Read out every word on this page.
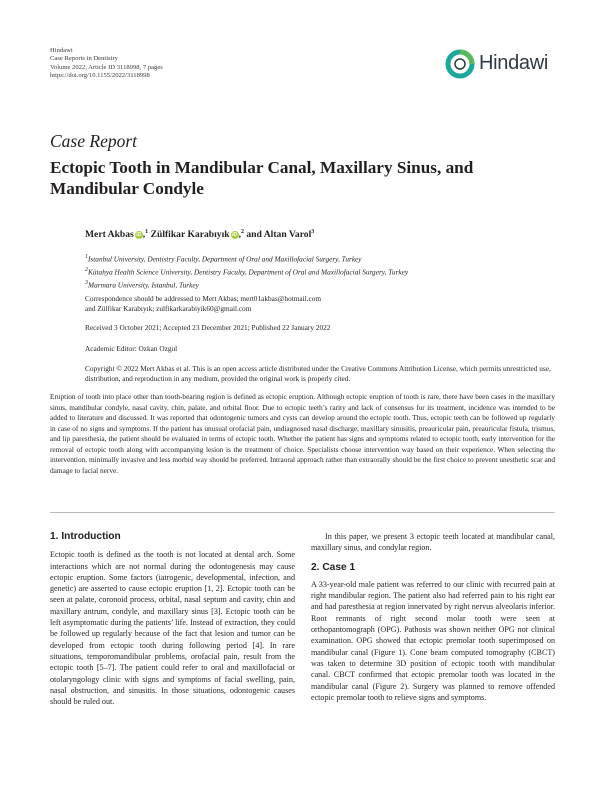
Hindawi
Case Reports in Dentistry
Volume 2022, Article ID 3118998, 7 pages
https://doi.org/10.1155/2022/3118998
Hindawi
Case Report
Ectopic Tooth in Mandibular Canal, Maxillary Sinus, and Mandibular Condyle
Mert Akbas iD ,$^1$ Zülfikar Karabıyık iD ,$^2$ and Altan Varol$^3$
$^1$Istanbul University, Dentistry Faculty, Department of Oral and Maxillofacial Surgery, Turkey
$^2$Kütahya Health Science University, Dentistry Faculty, Department of Oral and Maxillofacial Surgery, Turkey
$^3$Marmara University, Istanbul, Turkey
Correspondence should be addressed to Mert Akbas; mert01akbas@hotmail.com
and Zülfikar Karabıyık; zulfikarkarabiyik60@gmail.com
Received 3 October 2021; Accepted 23 December 2021; Published 22 January 2022
Academic Editor: Ozkan Ozgul
Copyright © 2022 Mert Akbas et al. This is an open access article distributed under the Creative Commons Attribution License, which permits unrestricted use, distribution, and reproduction in any medium, provided the original work is properly cited.
Eruption of tooth into place other than tooth-bearing region is defined as ectopic eruption. Although ectopic eruption of tooth is rare, there have been cases in the maxillary sinus, mandibular condyle, nasal cavity, chin, palate, and orbital floor. Due to ectopic teeth’s rarity and lack of consensus for its treatment, incidence was intended to be added to literature and discussed. It was reported that odontogenic tumors and cysts can develop around the ectopic tooth. Thus, ectopic teeth can be followed up regularly in case of no signs and symptoms. If the patient has unusual orofacial pain, undiagnosed nasal discharge, maxillary sinusitis, preauricular pain, preauricular fistula, trismus, and lip paresthesia, the patient should be evaluated in terms of ectopic tooth. Whether the patient has signs and symptoms related to ectopic tooth, early intervention for the removal of ectopic tooth along with accompanying lesion is the treatment of choice. Specialists choose intervention way based on their experience. When selecting the intervention, minimally invasive and less morbid way should be preferred. Intraoral approach rather than extraorally should be the first choice to prevent unesthetic scar and damage to facial nerve.
1. Introduction

Ectopic tooth is defined as the tooth is not located at dental arch. Some interactions which are not normal during the odontogenesis may cause ectopic eruption. Some factors (iatrogenic, developmental, infection, and genetic) are asserted to cause ectopic eruption [1, 2]. Ectopic tooth can be seen at palate, coronoid process, orbital, nasal septum and cavity, chin and maxillary antrum, condyle, and maxillary sinus [3]. Ectopic tooth can be left asymptomatic during the patients’ life. Instead of extraction, they could be followed up regularly because of the fact that lesion and tumor can be developed from ectopic tooth during following period [4]. In rare situations, temporomandibular problems, orofacial pain, result from the ectopic tooth [5–7]. The patient could refer to oral and maxillofacial or otolaryngology clinic with signs and symptoms of facial swelling, pain, nasal obstruction, and sinusitis. In those situations, odontogenic causes should be ruled out.

In this paper, we present 3 ectopic teeth located at mandibular canal, maxillary sinus, and condylar region.

2. Case 1

A 33-year-old male patient was referred to our clinic with recurred pain at right mandibular region. The patient also had referred pain to his right ear and had paresthesia at region innervated by right nervus alveolaris inferior. Root remnants of right second molar tooth were seen at orthopantomograph (OPG). Pathosis was shown neither OPG nor clinical examination. OPG showed that ectopic premolar tooth superimposed on mandibular canal (Figure 1). Cone beam computed tomography (CBCT) was taken to determine 3D position of ectopic tooth with mandibular canal. CBCT confirmed that ectopic premolar tooth was located in the mandibular canal (Figure 2). Surgery was planned to remove offended ectopic premolar tooth to relieve signs and symptoms.
